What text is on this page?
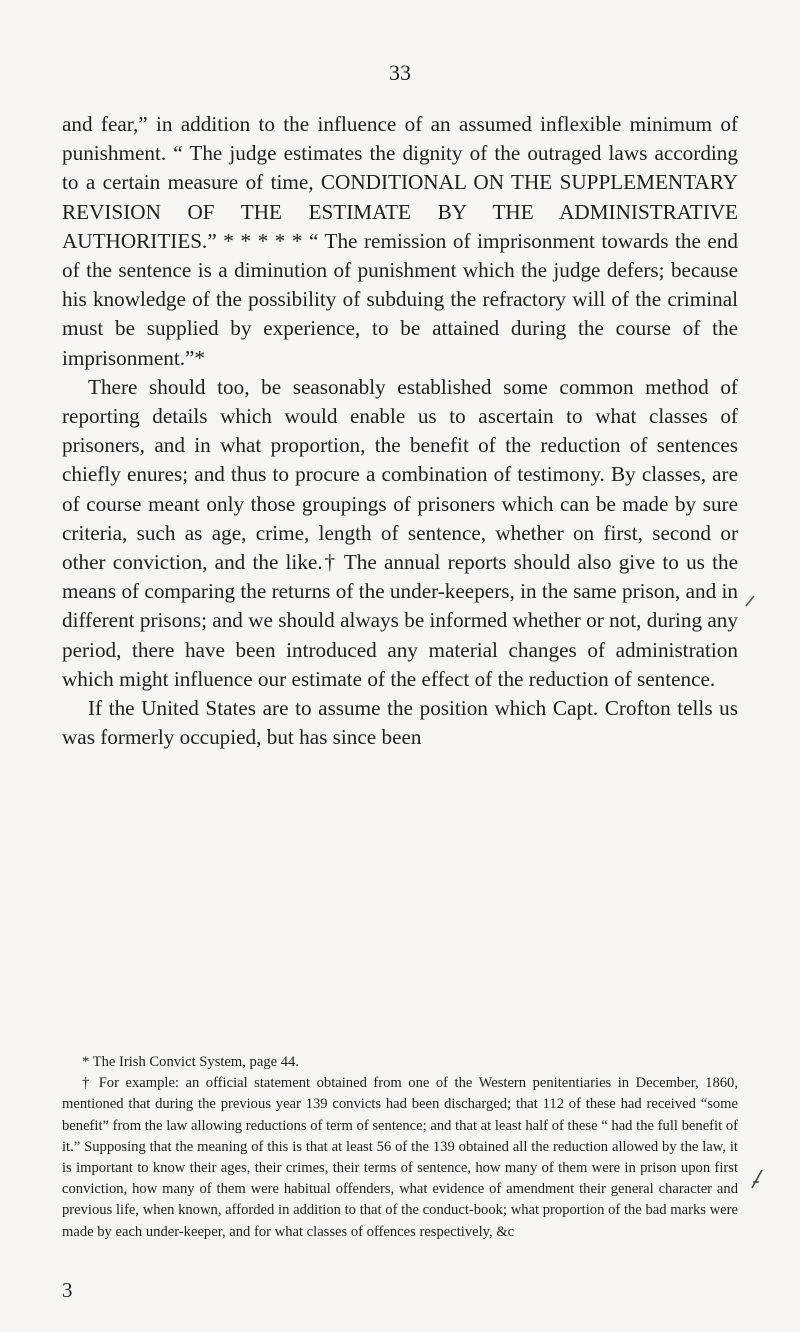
33

and fear,” in addition to the influence of an assumed inflexible minimum of punishment. “ The judge estimates the dignity of the outraged laws according to a certain measure of time, CONDITIONAL ON THE SUPPLEMENTARY REVISION OF THE ESTIMATE BY THE ADMINISTRATIVE AUTHORITIES.” * * * * * “ The remission of imprisonment towards the end of the sentence is a diminution of punishment which the judge defers; because his knowledge of the possibility of subduing the refractory will of the criminal must be supplied by experience, to be attained during the course of the imprisonment.”*

There should too, be seasonably established some common method of reporting details which would enable us to ascertain to what classes of prisoners, and in what proportion, the benefit of the reduction of sentences chiefly enures; and thus to procure a combination of testimony. By classes, are of course meant only those groupings of prisoners which can be made by sure criteria, such as age, crime, length of sentence, whether on first, second or other conviction, and the like.† The annual reports should also give to us the means of comparing the returns of the under-keepers, in the same prison, and in different prisons; and we should always be informed whether or not, during any period, there have been introduced any material changes of administration which might influence our estimate of the effect of the reduction of sentence.

If the United States are to assume the position which Capt. Crofton tells us was formerly occupied, but has since been

* The Irish Convict System, page 44.

† For example: an official statement obtained from one of the Western penitentiaries in December, 1860, mentioned that during the previous year 139 convicts had been discharged; that 112 of these had received “some benefit” from the law allowing reductions of term of sentence; and that at least half of these “ had the full benefit of it.” Supposing that the meaning of this is that at least 56 of the 139 obtained all the reduction allowed by the law, it is important to know their ages, their crimes, their terms of sentence, how many of them were in prison upon first conviction, how many of them were habitual offenders, what evidence of amendment their general character and previous life, when known, afforded in addition to that of the conduct-book; what proportion of the bad marks were made by each under-keeper, and for what classes of offences respectively, &c

3
